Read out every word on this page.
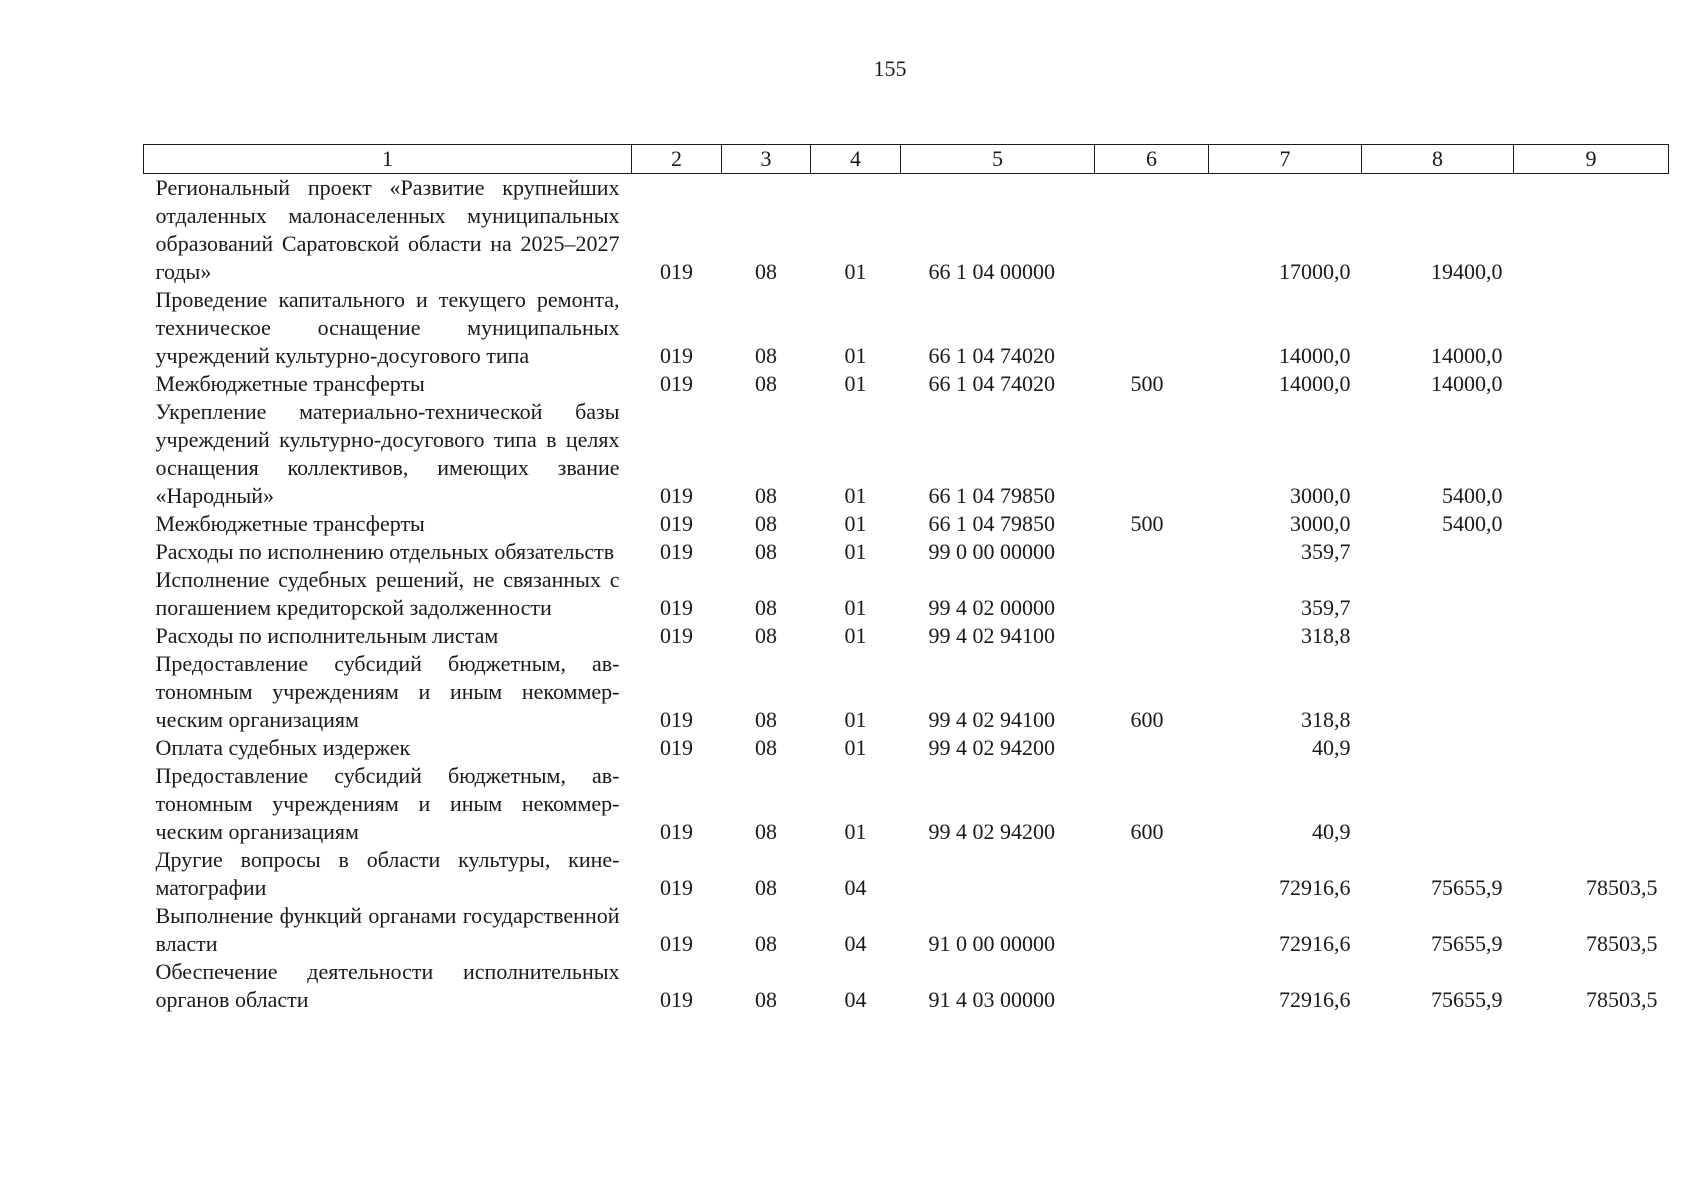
155
1	2	3	4	5	6	7	8	9
Региональный проект «Развитие крупнейших отдаленных малонаселенных муниципальных образований Саратовской области на 2025–2027 годы»	019	08	01	66 1 04 00000		17000,0	19400,0	
Проведение капитального и текущего ремонта, техническое оснащение муниципальных учреждений культурно-досугового типа	019	08	01	66 1 04 74020		14000,0	14000,0	
Межбюджетные трансферты	019	08	01	66 1 04 74020	500	14000,0	14000,0	
Укрепление материально-технической базы учреждений культурно-досугового типа в целях оснащения коллективов, имеющих звание «Народный»	019	08	01	66 1 04 79850		3000,0	5400,0	
Межбюджетные трансферты	019	08	01	66 1 04 79850	500	3000,0	5400,0	
Расходы по исполнению отдельных обязательств	019	08	01	99 0 00 00000		359,7		
Исполнение судебных решений, не связанных с погашением кредиторской задолженности	019	08	01	99 4 02 00000		359,7		
Расходы по исполнительным листам	019	08	01	99 4 02 94100		318,8		
Предоставление субсидий бюджетным, автономным учреждениям и иным некоммерческим организациям	019	08	01	99 4 02 94100	600	318,8		
Оплата судебных издержек	019	08	01	99 4 02 94200		40,9		
Предоставление субсидий бюджетным, автономным учреждениям и иным некоммерческим организациям	019	08	01	99 4 02 94200	600	40,9		
Другие вопросы в области культуры, кинематографии	019	08	04			72916,6	75655,9	78503,5
Выполнение функций органами государственной власти	019	08	04	91 0 00 00000		72916,6	75655,9	78503,5
Обеспечение деятельности исполнительных органов области	019	08	04	91 4 03 00000		72916,6	75655,9	78503,5
